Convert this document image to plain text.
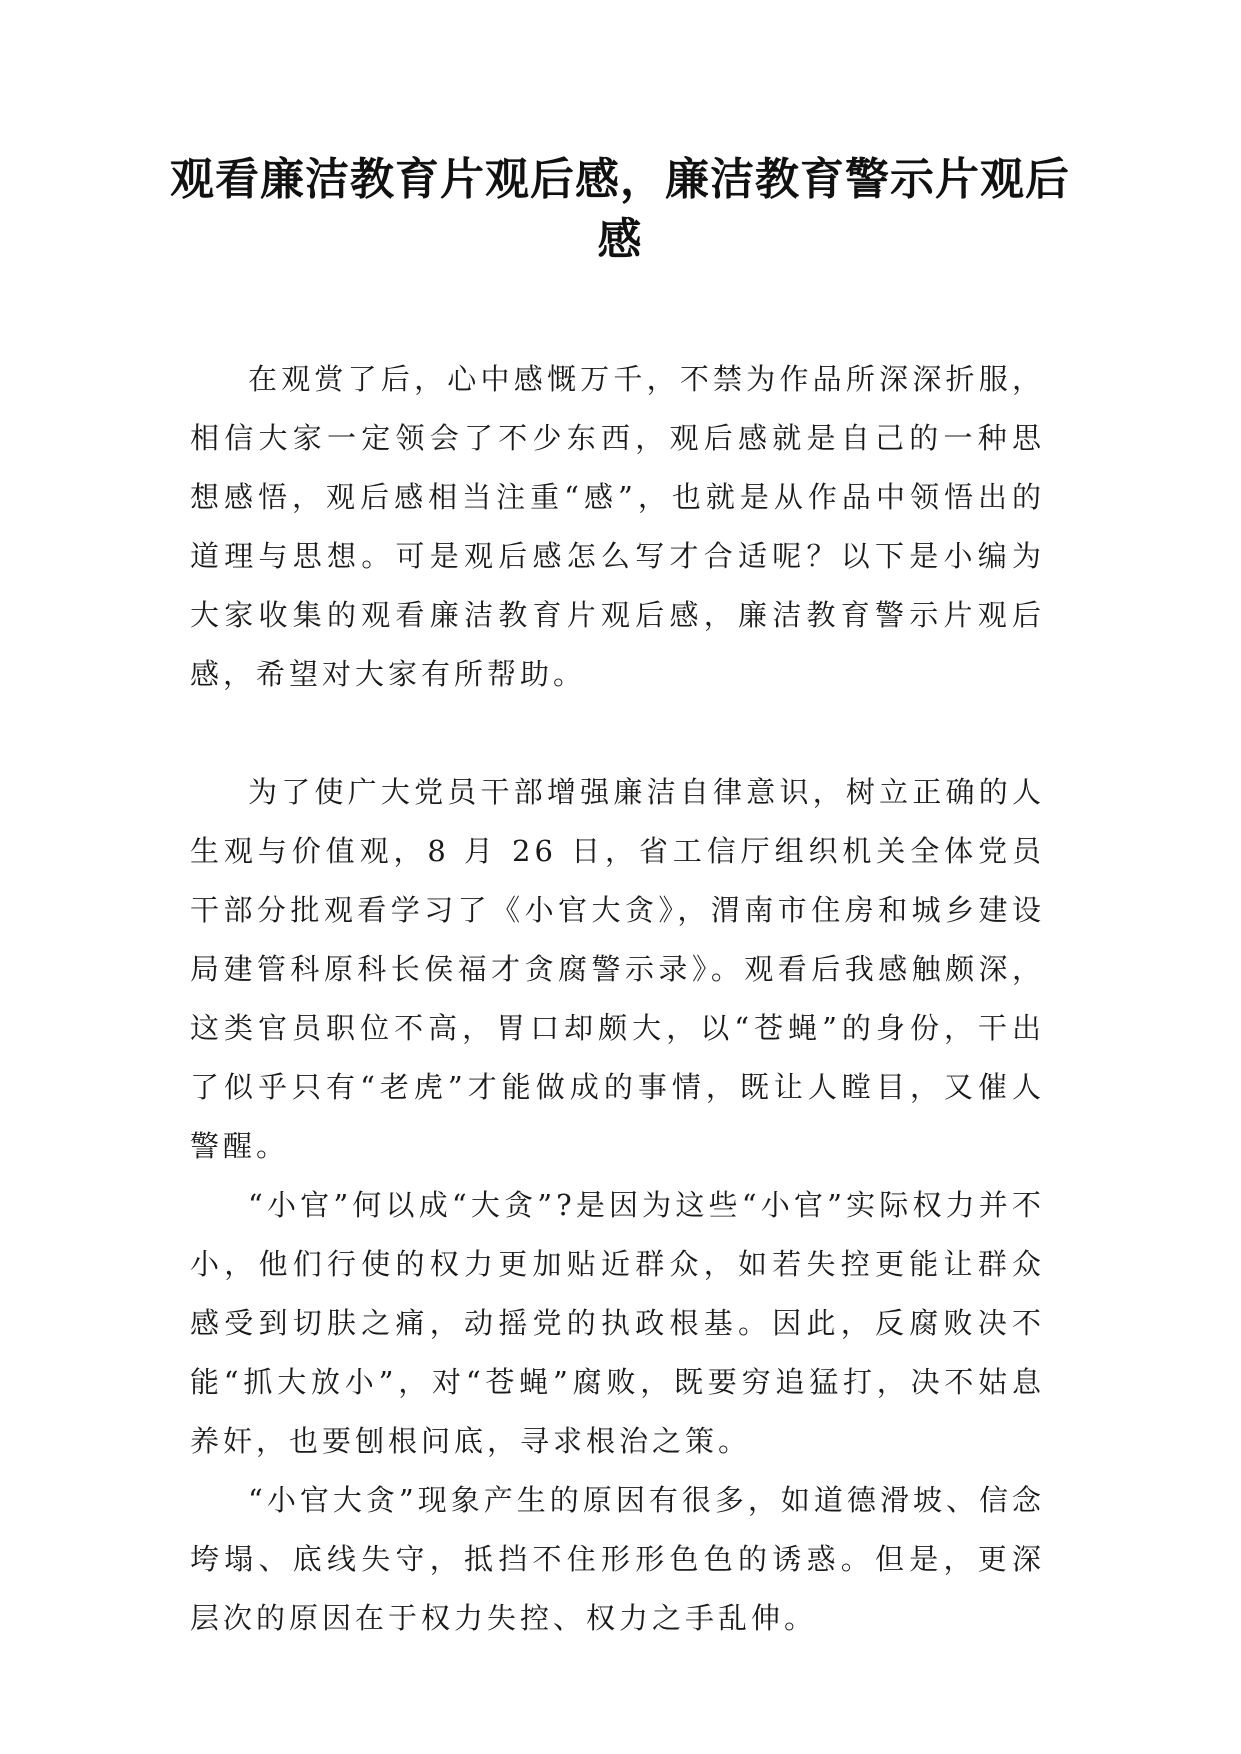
观看廉洁教育片观后感，廉洁教育警示片观后感

在观赏了后，心中感慨万千，不禁为作品所深深折服，相信大家一定领会了不少东西，观后感就是自己的一种思想感悟，观后感相当注重“感”，也就是从作品中领悟出的道理与思想。可是观后感怎么写才合适呢？以下是小编为大家收集的观看廉洁教育片观后感，廉洁教育警示片观后感，希望对大家有所帮助。

为了使广大党员干部增强廉洁自律意识，树立正确的人生观与价值观，8 月 26 日，省工信厅组织机关全体党员干部分批观看学习了《小官大贪》，渭南市住房和城乡建设局建管科原科长侯福才贪腐警示录》。观看后我感触颇深，这类官员职位不高，胃口却颇大，以“苍蝇”的身份，干出了似乎只有“老虎”才能做成的事情，既让人瞠目，又催人警醒。

“小官”何以成“大贪”?是因为这些“小官”实际权力并不小，他们行使的权力更加贴近群众，如若失控更能让群众感受到切肤之痛，动摇党的执政根基。因此，反腐败决不能“抓大放小”，对“苍蝇”腐败，既要穷追猛打，决不姑息养奸，也要刨根问底，寻求根治之策。

“小官大贪”现象产生的原因有很多，如道德滑坡、信念垮塌、底线失守，抵挡不住形形色色的诱惑。但是，更深层次的原因在于权力失控、权力之手乱伸。
